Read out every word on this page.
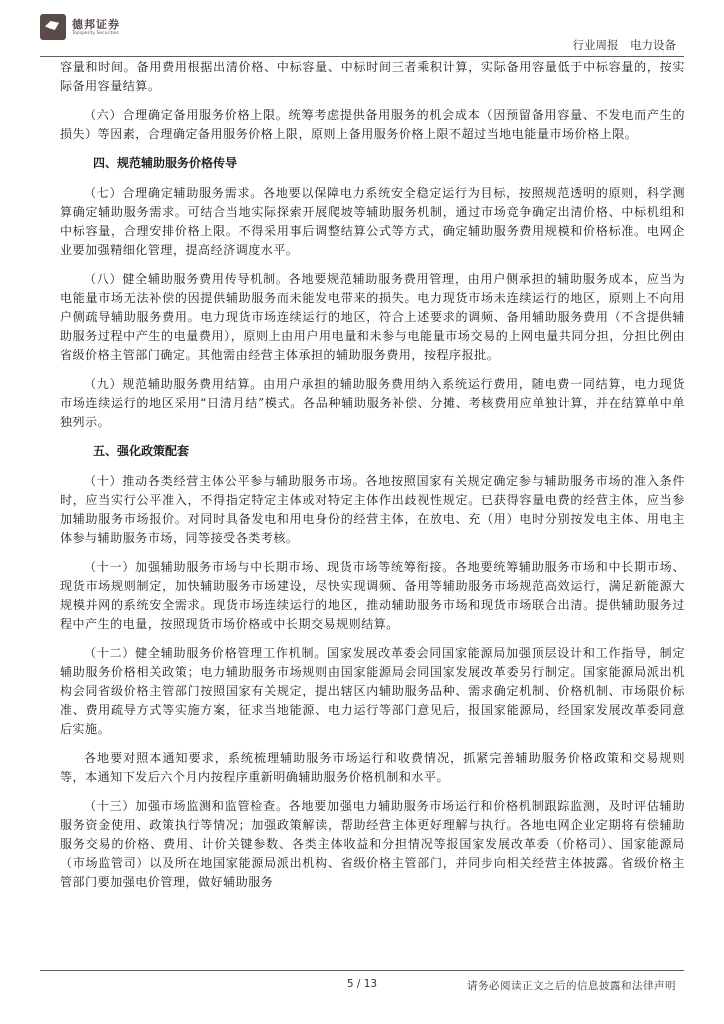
德邦证券
Topsperity Securities
行业周报　电力设备

容量和时间。备用费用根据出清价格、中标容量、中标时间三者乘积计算，实际备用容量低于中标容量的，按实际备用容量结算。

（六）合理确定备用服务价格上限。统筹考虑提供备用服务的机会成本（因预留备用容量、不发电而产生的损失）等因素，合理确定备用服务价格上限，原则上备用服务价格上限不超过当地电能量市场价格上限。

四、规范辅助服务价格传导

（七）合理确定辅助服务需求。各地要以保障电力系统安全稳定运行为目标，按照规范透明的原则，科学测算确定辅助服务需求。可结合当地实际探索开展爬坡等辅助服务机制，通过市场竞争确定出清价格、中标机组和中标容量，合理安排价格上限。不得采用事后调整结算公式等方式，确定辅助服务费用规模和价格标准。电网企业要加强精细化管理，提高经济调度水平。

（八）健全辅助服务费用传导机制。各地要规范辅助服务费用管理，由用户侧承担的辅助服务成本，应当为电能量市场无法补偿的因提供辅助服务而未能发电带来的损失。电力现货市场未连续运行的地区，原则上不向用户侧疏导辅助服务费用。电力现货市场连续运行的地区，符合上述要求的调频、备用辅助服务费用（不含提供辅助服务过程中产生的电量费用），原则上由用户用电量和未参与电能量市场交易的上网电量共同分担，分担比例由省级价格主管部门确定。其他需由经营主体承担的辅助服务费用，按程序报批。

（九）规范辅助服务费用结算。由用户承担的辅助服务费用纳入系统运行费用，随电费一同结算，电力现货市场连续运行的地区采用“日清月结”模式。各品种辅助服务补偿、分摊、考核费用应单独计算，并在结算单中单独列示。

五、强化政策配套

（十）推动各类经营主体公平参与辅助服务市场。各地按照国家有关规定确定参与辅助服务市场的准入条件时，应当实行公平准入，不得指定特定主体或对特定主体作出歧视性规定。已获得容量电费的经营主体，应当参加辅助服务市场报价。对同时具备发电和用电身份的经营主体，在放电、充（用）电时分别按发电主体、用电主体参与辅助服务市场，同等接受各类考核。

（十一）加强辅助服务市场与中长期市场、现货市场等统筹衔接。各地要统筹辅助服务市场和中长期市场、现货市场规则制定，加快辅助服务市场建设，尽快实现调频、备用等辅助服务市场规范高效运行，满足新能源大规模并网的系统安全需求。现货市场连续运行的地区，推动辅助服务市场和现货市场联合出清。提供辅助服务过程中产生的电量，按照现货市场价格或中长期交易规则结算。

（十二）健全辅助服务价格管理工作机制。国家发展改革委会同国家能源局加强顶层设计和工作指导，制定辅助服务价格相关政策；电力辅助服务市场规则由国家能源局会同国家发展改革委另行制定。国家能源局派出机构会同省级价格主管部门按照国家有关规定，提出辖区内辅助服务品种、需求确定机制、价格机制、市场限价标准、费用疏导方式等实施方案，征求当地能源、电力运行等部门意见后，报国家能源局，经国家发展改革委同意后实施。

各地要对照本通知要求，系统梳理辅助服务市场运行和收费情况，抓紧完善辅助服务价格政策和交易规则等，本通知下发后六个月内按程序重新明确辅助服务价格机制和水平。

（十三）加强市场监测和监管检查。各地要加强电力辅助服务市场运行和价格机制跟踪监测，及时评估辅助服务资金使用、政策执行等情况；加强政策解读，帮助经营主体更好理解与执行。各地电网企业定期将有偿辅助服务交易的价格、费用、计价关键参数、各类主体收益和分担情况等报国家发展改革委（价格司）、国家能源局（市场监管司）以及所在地国家能源局派出机构、省级价格主管部门，并同步向相关经营主体披露。省级价格主管部门要加强电价管理，做好辅助服务

5 / 13	请务必阅读正文之后的信息披露和法律声明
